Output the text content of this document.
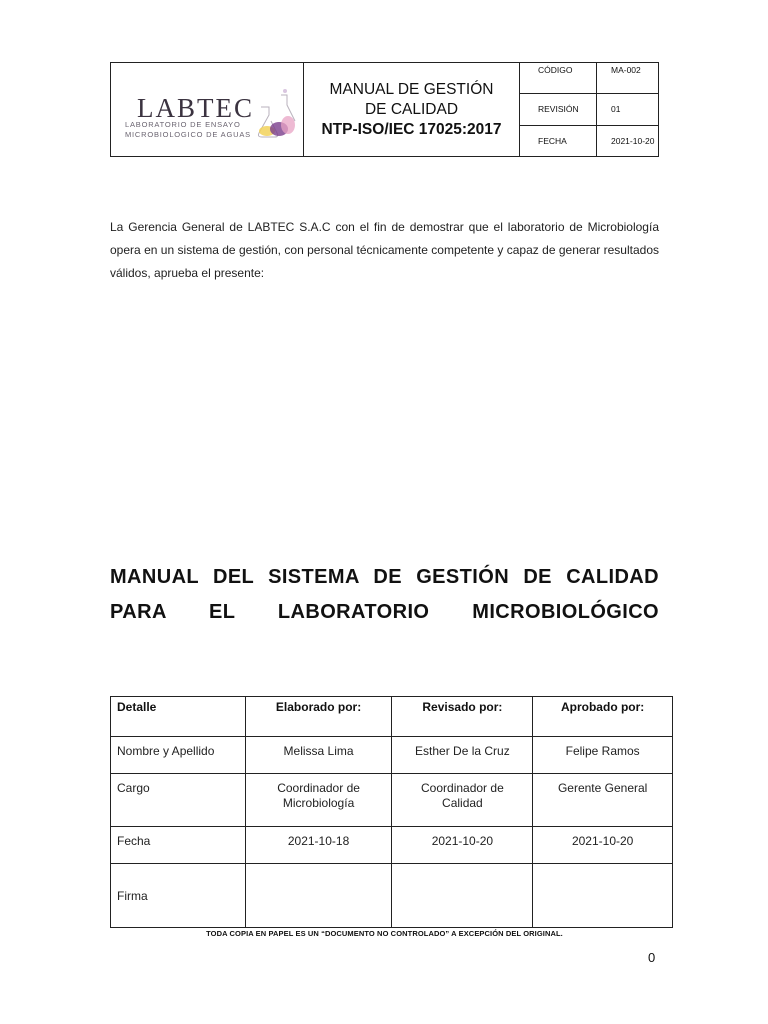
LABTEC
LABORATORIO DE ENSAYO
MICROBIOLOGICO DE AGUAS
MANUAL DE GESTIÓN
DE CALIDAD
NTP-ISO/IEC 17025:2017
CÓDIGO	MA-002
REVISIÓN	01
FECHA	2021-10-20
La Gerencia General de LABTEC S.A.C con el fin de demostrar que el laboratorio de Microbiología opera en un sistema de gestión, con personal técnicamente competente y capaz de generar resultados válidos, aprueba el presente:
MANUAL DEL SISTEMA DE GESTIÓN DE CALIDAD
PARA EL LABORATORIO MICROBIOLÓGICO
Detalle	Elaborado por:	Revisado por:	Aprobado por:
Nombre y Apellido	Melissa Lima	Esther De la Cruz	Felipe Ramos
Cargo	Coordinador de Microbiología	Coordinador de Calidad	Gerente General
Fecha	2021-10-18	2021-10-20	2021-10-20
Firma			
TODA COPIA EN PAPEL ES UN “DOCUMENTO NO CONTROLADO” A EXCEPCIÓN DEL ORIGINAL.
0
